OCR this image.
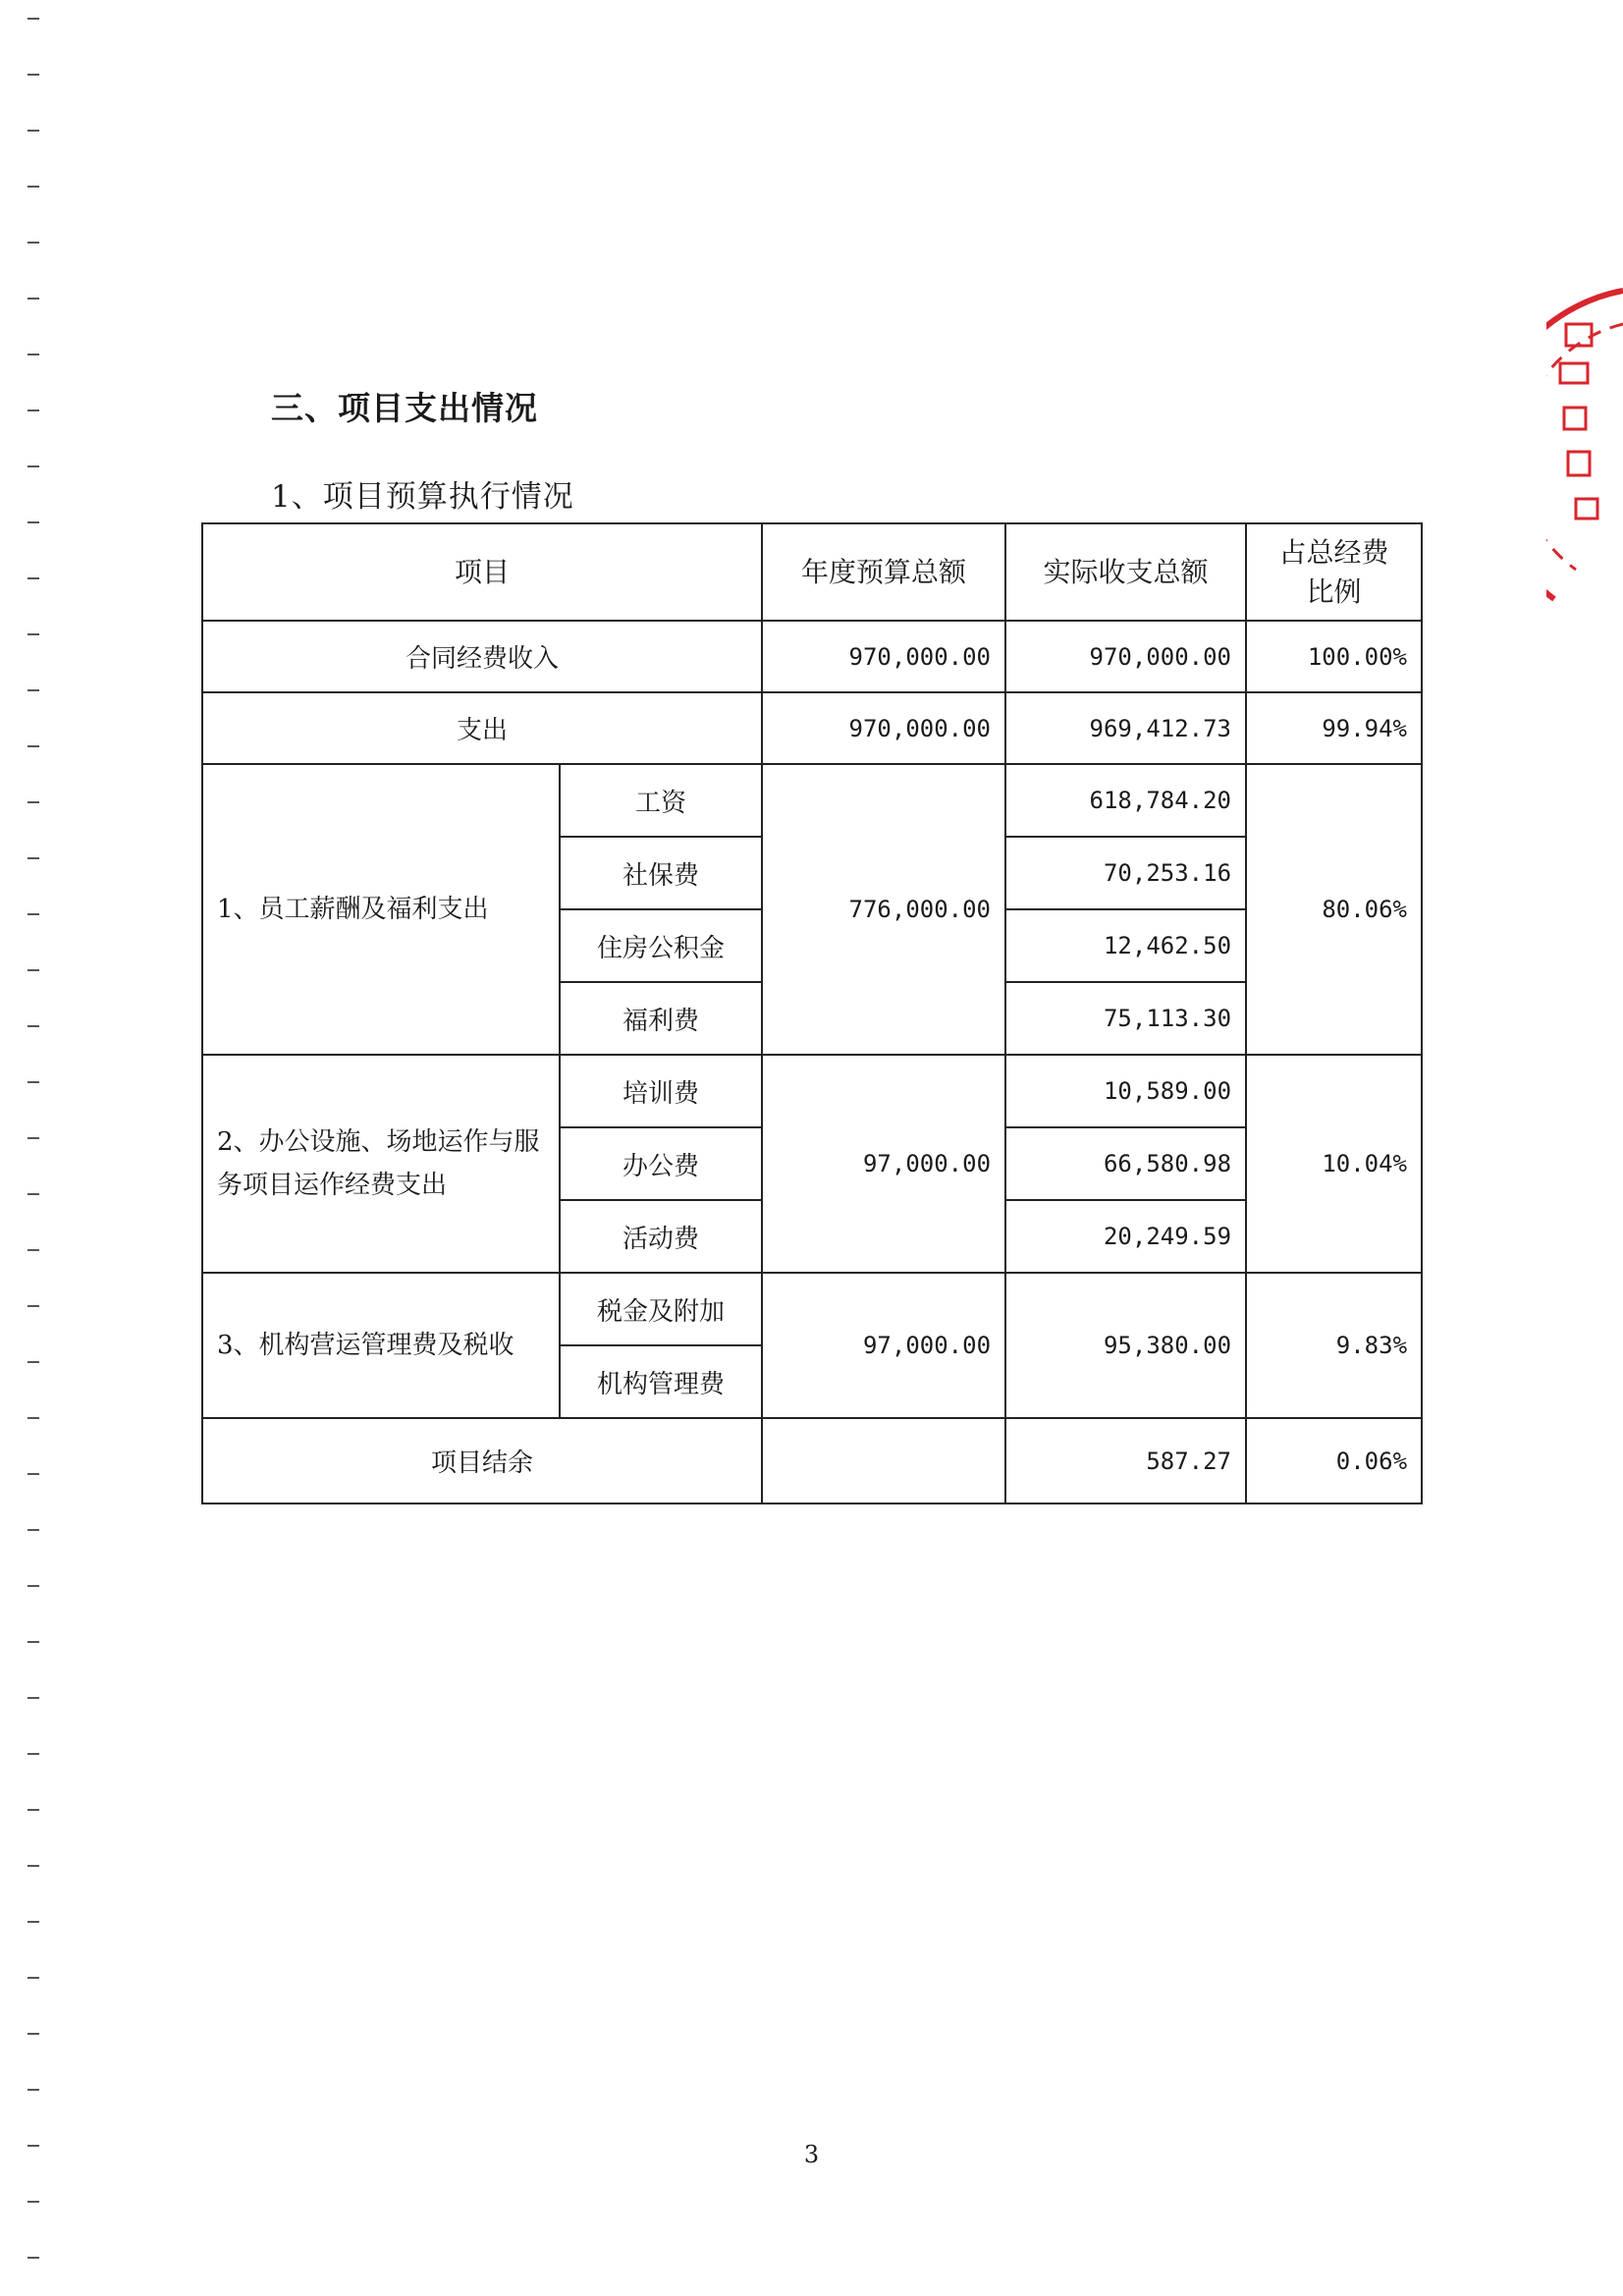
三、项目支出情况
1、项目预算执行情况
项目		年度预算总额	实际收支总额	占总经费比例
合同经费收入		970,000.00	970,000.00	100.00%
支出		970,000.00	969,412.73	99.94%
1、员工薪酬及福利支出	工资	776,000.00	618,784.20	80.06%
	社保费		70,253.16	
	住房公积金		12,462.50	
	福利费		75,113.30	
2、办公设施、场地运作与服务项目运作经费支出	培训费	97,000.00	10,589.00	10.04%
	办公费		66,580.98	
	活动费		20,249.59	
3、机构营运管理费及税收	税金及附加	97,000.00	95,380.00	9.83%
	机构管理费			
项目结余			587.27	0.06%
3
